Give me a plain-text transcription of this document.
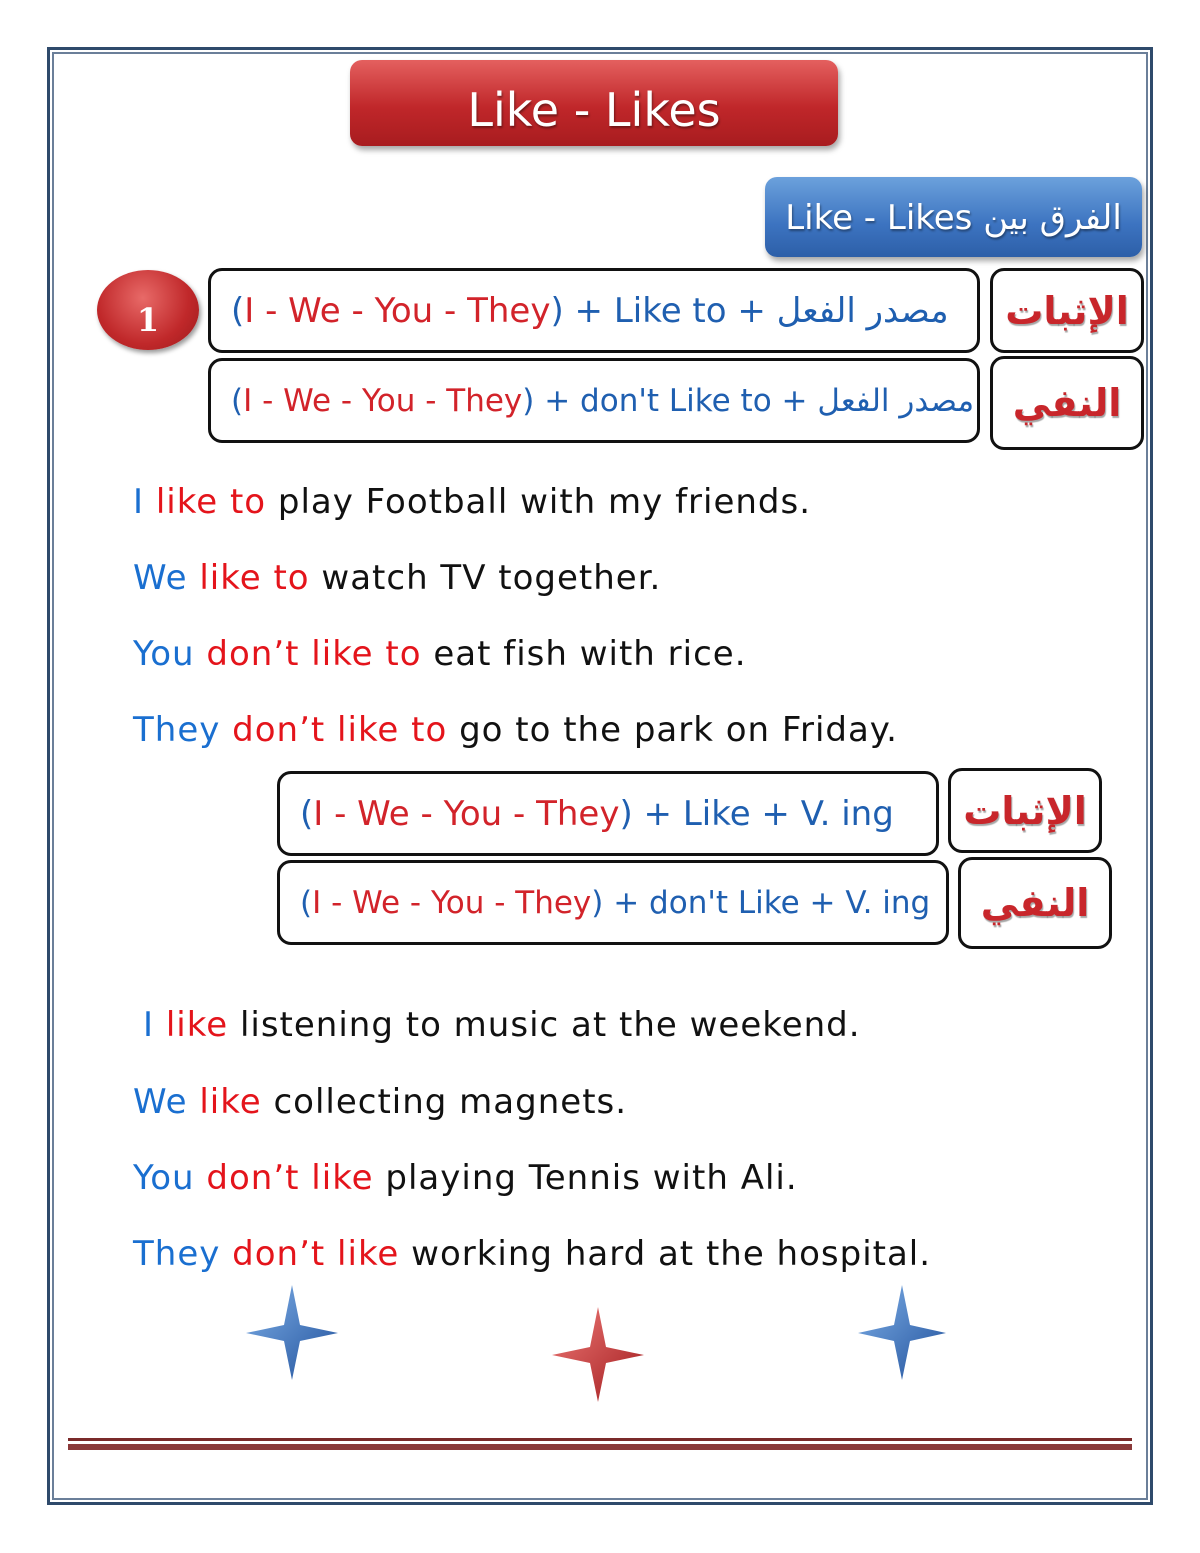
Like - Likes
Like - Likes الفرق بين
1	( I - We - You - They ) + Like to + مصدر الفعل	الإثبات
( I - We - You - They ) + don't Like to + مصدر الفعل	النفي
I like to play Football with my friends.
We like to watch TV together.
You don’t like to eat fish with rice.
They don’t like to go to the park on Friday.
( I - We - You - They ) + Like + V. ing	الإثبات
( I - We - You - They ) + don't Like + V. ing	النفي
I like listening to music at the weekend.
We like collecting magnets.
You don’t like playing Tennis with Ali.
They don’t like working hard at the hospital.
